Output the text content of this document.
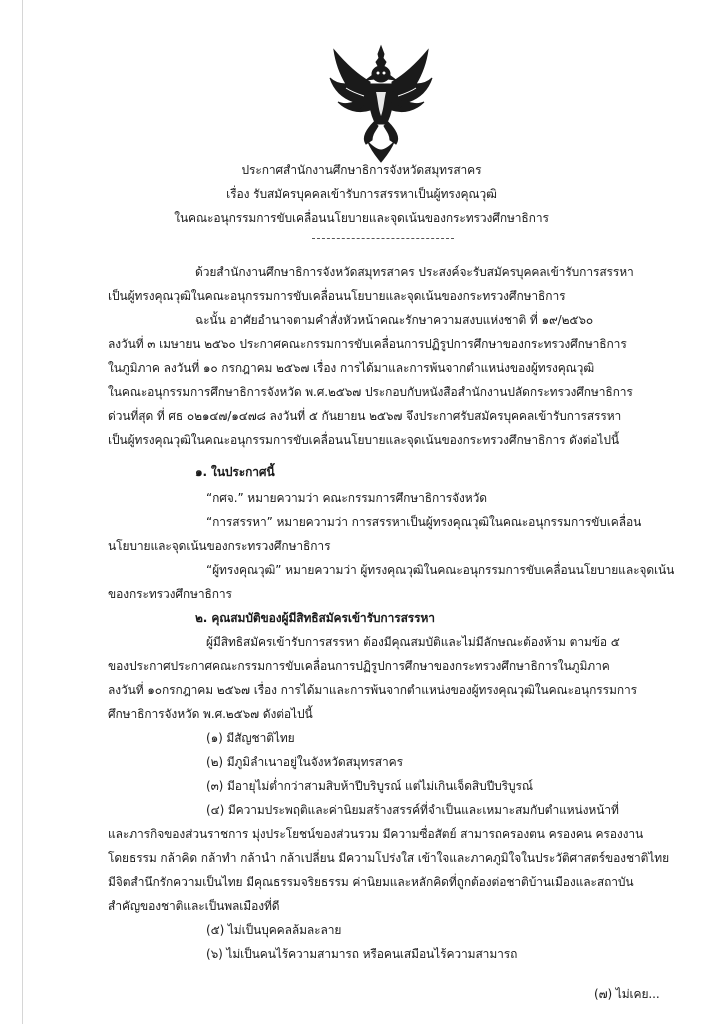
ประกาศสำนักงานศึกษาธิการจังหวัดสมุทรสาคร
เรื่อง รับสมัครบุคคลเข้ารับการสรรหาเป็นผู้ทรงคุณวุฒิ
ในคณะอนุกรรมการขับเคลื่อนนโยบายและจุดเน้นของกระทรวงศึกษาธิการ
ด้วยสำนักงานศึกษาธิการจังหวัดสมุทรสาคร ประสงค์จะรับสมัครบุคคลเข้ารับการสรรหา
เป็นผู้ทรงคุณวุฒิในคณะอนุกรรมการขับเคลื่อนนโยบายและจุดเน้นของกระทรวงศึกษาธิการ
ฉะนั้น อาศัยอำนาจตามคำสั่งหัวหน้าคณะรักษาความสงบแห่งชาติ ที่ ๑๙/๒๕๖๐
ลงวันที่ ๓ เมษายน ๒๕๖๐ ประกาศคณะกรรมการขับเคลื่อนการปฏิรูปการศึกษาของกระทรวงศึกษาธิการ
ในภูมิภาค ลงวันที่ ๑๐ กรกฎาคม ๒๕๖๗ เรื่อง การได้มาและการพ้นจากตำแหน่งของผู้ทรงคุณวุฒิ
ในคณะอนุกรรมการศึกษาธิการจังหวัด พ.ศ.๒๕๖๗ ประกอบกับหนังสือสำนักงานปลัดกระทรวงศึกษาธิการ
ด่วนที่สุด ที่ ศธ ๐๒๑๔๗/๑๔๗๘ ลงวันที่ ๕ กันยายน ๒๕๖๗ จึงประกาศรับสมัครบุคคลเข้ารับการสรรหา
เป็นผู้ทรงคุณวุฒิในคณะอนุกรรมการขับเคลื่อนนโยบายและจุดเน้นของกระทรวงศึกษาธิการ ดังต่อไปนี้
๑. ในประกาศนี้
“กศจ.” หมายความว่า คณะกรรมการศึกษาธิการจังหวัด
“การสรรหา” หมายความว่า การสรรหาเป็นผู้ทรงคุณวุฒิในคณะอนุกรรมการขับเคลื่อน
นโยบายและจุดเน้นของกระทรวงศึกษาธิการ
“ผู้ทรงคุณวุฒิ” หมายความว่า ผู้ทรงคุณวุฒิในคณะอนุกรรมการขับเคลื่อนนโยบายและจุดเน้น
ของกระทรวงศึกษาธิการ
๒. คุณสมบัติของผู้มีสิทธิสมัครเข้ารับการสรรหา
ผู้มีสิทธิสมัครเข้ารับการสรรหา ต้องมีคุณสมบัติและไม่มีลักษณะต้องห้าม ตามข้อ ๕
ของประกาศประกาศคณะกรรมการขับเคลื่อนการปฏิรูปการศึกษาของกระทรวงศึกษาธิการในภูมิภาค
ลงวันที่ ๑๐กรกฎาคม ๒๕๖๗ เรื่อง การได้มาและการพ้นจากตำแหน่งของผู้ทรงคุณวุฒิในคณะอนุกรรมการ
ศึกษาธิการจังหวัด พ.ศ.๒๕๖๗ ดังต่อไปนี้
(๑) มีสัญชาติไทย
(๒) มีภูมิลำเนาอยู่ในจังหวัดสมุทรสาคร
(๓) มีอายุไม่ต่ำกว่าสามสิบห้าปีบริบูรณ์ แต่ไม่เกินเจ็ดสิบปีบริบูรณ์
(๔) มีความประพฤติและค่านิยมสร้างสรรค์ที่จำเป็นและเหมาะสมกับตำแหน่งหน้าที่
และภารกิจของส่วนราชการ มุ่งประโยชน์ของส่วนรวม มีความซื่อสัตย์ สามารถครองตน ครองคน ครองงาน
โดยธรรม กล้าคิด กล้าทำ กล้านำ กล้าเปลี่ยน มีความโปร่งใส เข้าใจและภาคภูมิใจในประวัติศาสตร์ของชาติไทย
มีจิตสำนึกรักความเป็นไทย มีคุณธรรมจริยธรรม ค่านิยมและหลักคิดที่ถูกต้องต่อชาติบ้านเมืองและสถาบัน
สำคัญของชาติและเป็นพลเมืองที่ดี
(๕) ไม่เป็นบุคคลล้มละลาย
(๖) ไม่เป็นคนไร้ความสามารถ หรือคนเสมือนไร้ความสามารถ
(๗) ไม่เคย...
